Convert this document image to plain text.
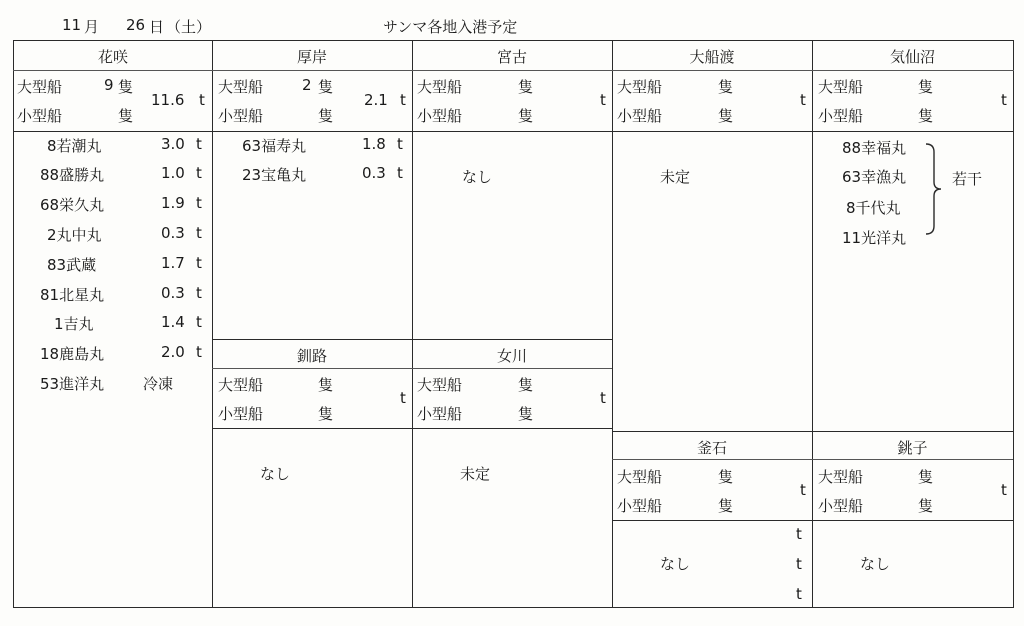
11 月 26 日 （土）	サンマ各地入港予定
花咲
大型船	9 隻
小型船	隻
11.6 t
8若潮丸	3.0 t
88盛勝丸	1.0 t
68栄久丸	1.9 t
2丸中丸	0.3 t
83武蔵	1.7 t
81北星丸	0.3 t
1吉丸	1.4 t
18鹿島丸	2.0 t
53進洋丸	冷凍
厚岸
大型船	2 隻
小型船	隻
2.1 t
63福寿丸	1.8 t
23宝亀丸	0.3 t
宮古
大型船	隻
小型船	隻
t
なし
大船渡
大型船	隻
小型船	隻
t
未定
気仙沼
大型船	隻
小型船	隻
t
88幸福丸
63幸漁丸
8千代丸
11光洋丸
若干
釧路
大型船	隻
小型船	隻
t
なし
女川
大型船	隻
小型船	隻
t
未定
釜石
大型船	隻
小型船	隻
t
t
t
t
なし
銚子
大型船	隻
小型船	隻
t
なし
